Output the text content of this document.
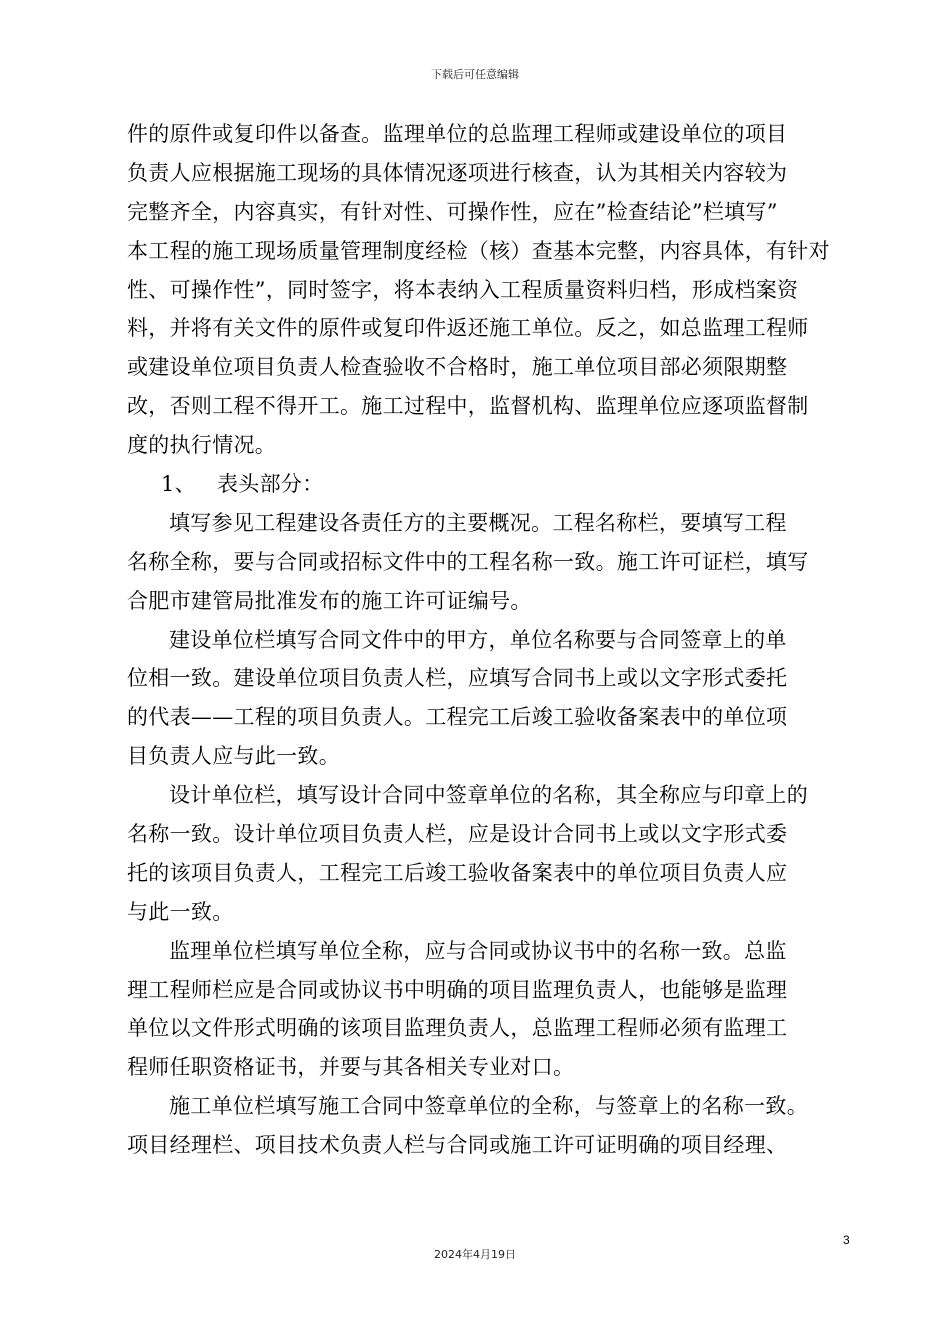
下载后可任意编辑
件的原件或复印件以备查。监理单位的总监理工程师或建设单位的项目
负责人应根据施工现场的具体情况逐项进行核查，认为其相关内容较为
完整齐全，内容真实，有针对性、可操作性，应在”检查结论”栏填写”
本工程的施工现场质量管理制度经检（核）查基本完整，内容具体，有针对
性、可操作性”，同时签字，将本表纳入工程质量资料归档，形成档案资
料，并将有关文件的原件或复印件返还施工单位。反之，如总监理工程师
或建设单位项目负责人检查验收不合格时，施工单位项目部必须限期整
改，否则工程不得开工。施工过程中，监督机构、监理单位应逐项监督制
度的执行情况。
1、 表头部分：
填写参见工程建设各责任方的主要概况。工程名称栏，要填写工程
名称全称，要与合同或招标文件中的工程名称一致。施工许可证栏，填写
合肥市建管局批准发布的施工许可证编号。
建设单位栏填写合同文件中的甲方，单位名称要与合同签章上的单
位相一致。建设单位项目负责人栏，应填写合同书上或以文字形式委托
的代表——工程的项目负责人。工程完工后竣工验收备案表中的单位项
目负责人应与此一致。
设计单位栏，填写设计合同中签章单位的名称，其全称应与印章上的
名称一致。设计单位项目负责人栏，应是设计合同书上或以文字形式委
托的该项目负责人，工程完工后竣工验收备案表中的单位项目负责人应
与此一致。
监理单位栏填写单位全称，应与合同或协议书中的名称一致。总监
理工程师栏应是合同或协议书中明确的项目监理负责人，也能够是监理
单位以文件形式明确的该项目监理负责人，总监理工程师必须有监理工
程师任职资格证书，并要与其各相关专业对口。
施工单位栏填写施工合同中签章单位的全称，与签章上的名称一致。
项目经理栏、项目技术负责人栏与合同或施工许可证明确的项目经理、
3
2024年4月19日
